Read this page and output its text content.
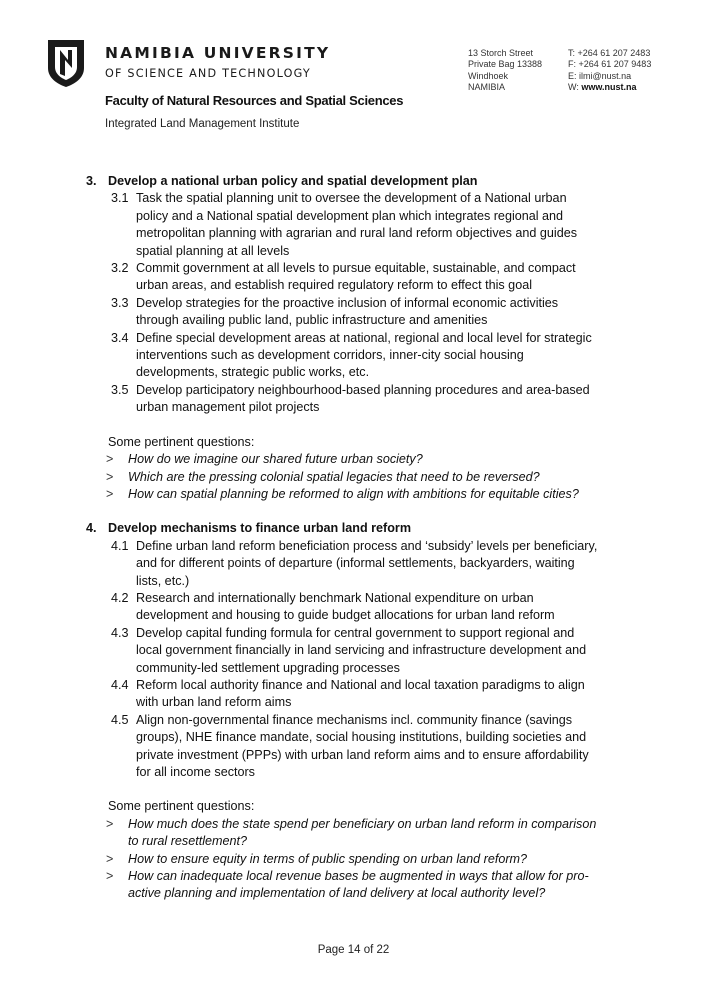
NAMIBIA UNIVERSITY
OF SCIENCE AND TECHNOLOGY
Faculty of Natural Resources and Spatial Sciences
Integrated Land Management Institute
13 Storch Street
Private Bag 13388
Windhoek
NAMIBIA
T: +264 61 207 2483
F: +264 61 207 9483
E: ilmi@nust.na
W: www.nust.na
3. Develop a national urban policy and spatial development plan
3.1 Task the spatial planning unit to oversee the development of a National urban
policy and a National spatial development plan which integrates regional and
metropolitan planning with agrarian and rural land reform objectives and guides
spatial planning at all levels
3.2 Commit government at all levels to pursue equitable, sustainable, and compact
urban areas, and establish required regulatory reform to effect this goal
3.3 Develop strategies for the proactive inclusion of informal economic activities
through availing public land, public infrastructure and amenities
3.4 Define special development areas at national, regional and local level for strategic
interventions such as development corridors, inner-city social housing
developments, strategic public works, etc.
3.5 Develop participatory neighbourhood-based planning procedures and area-based
urban management pilot projects
Some pertinent questions:
>	How do we imagine our shared future urban society?
>	Which are the pressing colonial spatial legacies that need to be reversed?
>	How can spatial planning be reformed to align with ambitions for equitable cities?
4. Develop mechanisms to finance urban land reform
4.1 Define urban land reform beneficiation process and ‘subsidy’ levels per beneficiary,
and for different points of departure (informal settlements, backyarders, waiting
lists, etc.)
4.2 Research and internationally benchmark National expenditure on urban
development and housing to guide budget allocations for urban land reform
4.3 Develop capital funding formula for central government to support regional and
local government financially in land servicing and infrastructure development and
community-led settlement upgrading processes
4.4 Reform local authority finance and National and local taxation paradigms to align
with urban land reform aims
4.5 Align non-governmental finance mechanisms incl. community finance (savings
groups), NHE finance mandate, social housing institutions, building societies and
private investment (PPPs) with urban land reform aims and to ensure affordability
for all income sectors
Some pertinent questions:
>	How much does the state spend per beneficiary on urban land reform in comparison
to rural resettlement?
>	How to ensure equity in terms of public spending on urban land reform?
>	How can inadequate local revenue bases be augmented in ways that allow for pro-
active planning and implementation of land delivery at local authority level?
Page 14 of 22
